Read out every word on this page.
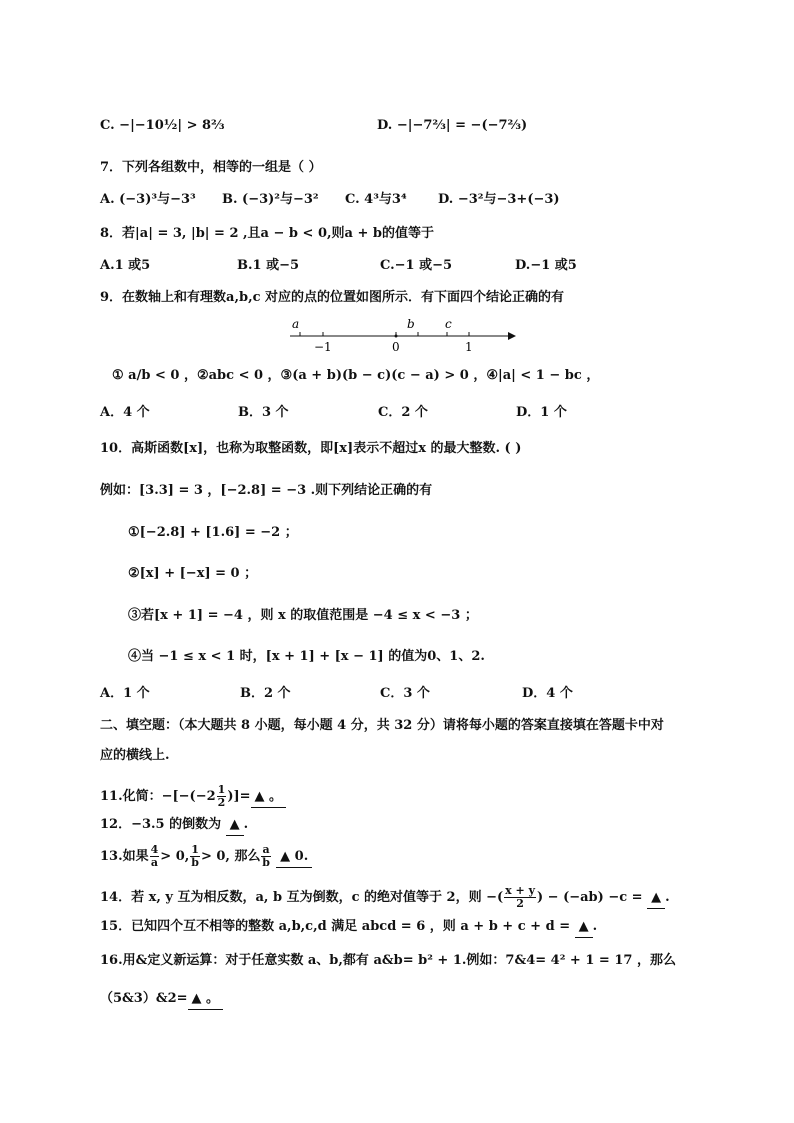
C. −|−10½| > 8⅔	D. −|−7⅔| = −(−7⅔)
7．下列各组数中，相等的一组是（ ）
A. (−3)³与−3³ B. (−3)²与−3² C. 4³与3⁴ D. −3²与−3+(−3)
8．若|a| = 3, |b| = 2 ,且a − b < 0,则a + b的值等于
A.1 或5	B.1 或−5	C.−1 或−5	D.−1 或5
9．在数轴上和有理数a,b,c 对应的点的位置如图所示．有下面四个结论正确的有
a	b	c
−1	0	1
① a/b < 0 ，②abc < 0 ，③(a + b)(b − c)(c − a) > 0 ，④|a| < 1 − bc ，
A．4 个	B．3 个	C．2 个	D．1 个
10．高斯函数[x]，也称为取整函数，即[x]表示不超过x 的最大整数. ( )
例如：[3.3] = 3 ，[−2.8] = −3 .则下列结论正确的有
①[−2.8] + [1.6] = −2 ；
②[x] + [−x] = 0 ；
③若[x + 1] = −4 ，则 x 的取值范围是 −4 ≤ x < −3 ；
④当 −1 ≤ x < 1 时，[x + 1] + [x − 1] 的值为0、1、2.
A．1 个	B．2 个	C．3 个	D．4 个
二、填空题：（本大题共 8 小题，每小题 4 分，共 32 分）请将每小题的答案直接填在答题卡中对
应的横线上.
11.化简：$-[-(-2 \frac{1}{2}$ )]= ▲ 。
12．−3.5 的倒数为 ▲ .
13.如果 $\frac{4}{a} > 0$, $\frac{1}{b} > 0$, 那么 $\frac{a}{b}$ ▲ 0.
14．若 x, y 互为相反数，a, b 互为倒数，c 的绝对值等于 2，则 −( $\frac{x + y}{2}$ ) − (−ab) −c = ▲ .
15．已知四个互不相等的整数 a,b,c,d 满足 abcd = 6 ，则 a + b + c + d = ▲ .
16.用&定义新运算：对于任意实数 a、b,都有 a&b= b² + 1.例如：7&4= 4² + 1 = 17 ，那么
（5&3）&2= ▲ 。
